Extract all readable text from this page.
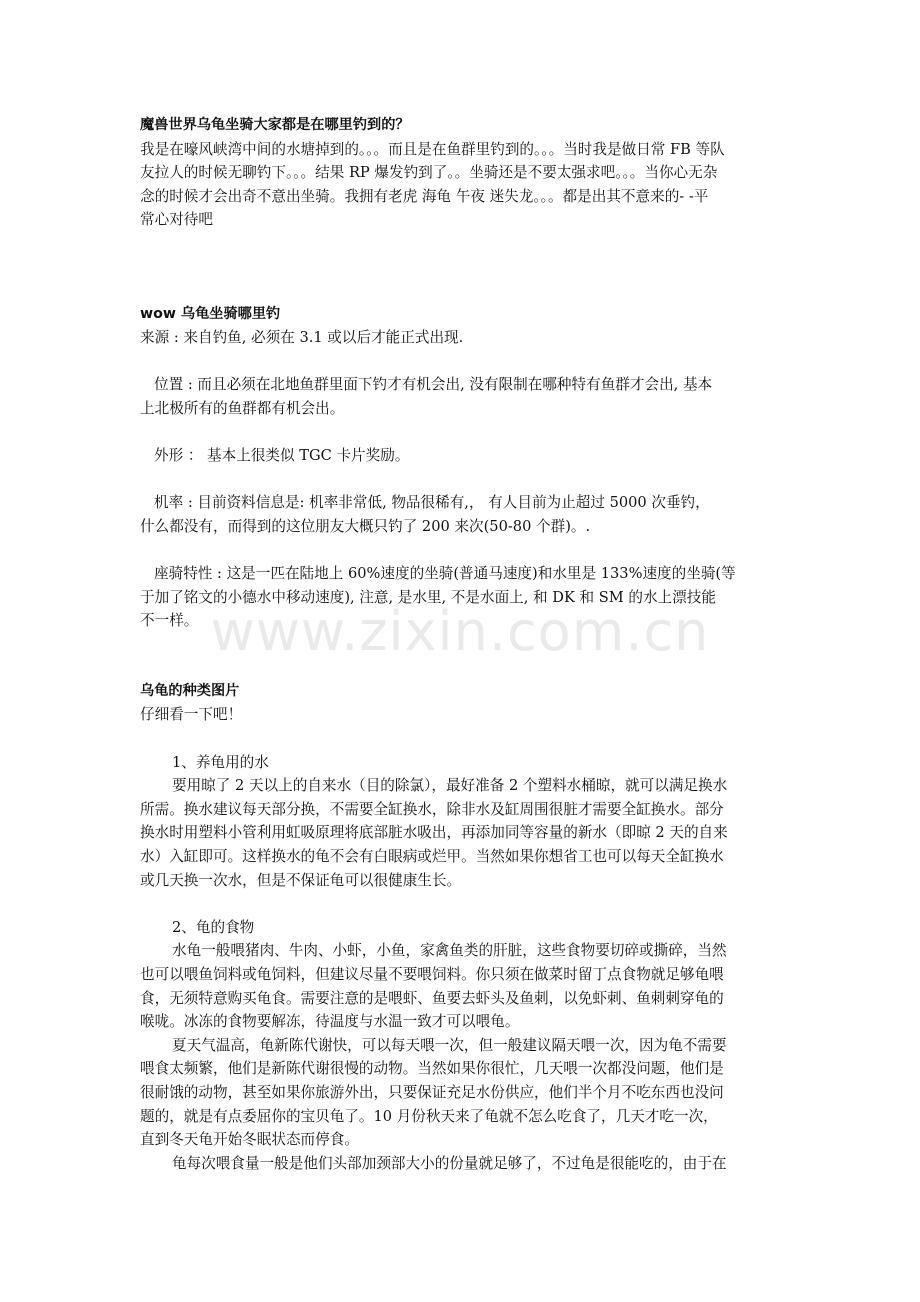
www.zixin.com.cn
魔兽世界乌龟坐骑大家都是在哪里钓到的？
我是在嚎风峡湾中间的水塘掉到的。。。而且是在鱼群里钓到的。。。当时我是做日常 FB 等队
友拉人的时候无聊钓下。。。结果 RP 爆发钓到了。。坐骑还是不要太强求吧。。。当你心无杂
念的时候才会出奇不意出坐骑。我拥有老虎 海龟 午夜 迷失龙。。。都是出其不意来的- -平
常心对待吧
wow 乌龟坐骑哪里钓
来源 : 来自钓鱼, 必须在 3.1 或以后才能正式出现.
位置 : 而且必须在北地鱼群里面下钓才有机会出, 没有限制在哪种特有鱼群才会出, 基本
上北极所有的鱼群都有机会出。
外形 ： 基本上很类似 TGC 卡片奖励。
机率 : 目前资料信息是: 机率非常低, 物品很稀有,， 有人目前为止超过 5000 次垂钓，
什么都没有，而得到的这位朋友大概只钓了 200 来次(50-80 个群)。.
座骑特性 : 这是一匹在陆地上 60%速度的坐骑(普通马速度)和水里是 133%速度的坐骑(等
于加了铭文的小德水中移动速度), 注意, 是水里, 不是水面上, 和 DK 和 SM 的水上漂技能
不一样。
乌龟的种类图片
仔细看一下吧！
1、养龟用的水
要用晾了 2 天以上的自来水（目的除氯），最好准备 2 个塑料水桶晾，就可以满足换水
所需。换水建议每天部分换，不需要全缸换水，除非水及缸周围很脏才需要全缸换水。部分
换水时用塑料小管利用虹吸原理将底部脏水吸出，再添加同等容量的新水（即晾 2 天的自来
水）入缸即可。这样换水的龟不会有白眼病或烂甲。当然如果你想省工也可以每天全缸换水
或几天换一次水，但是不保证龟可以很健康生长。
2、龟的食物
水龟一般喂猪肉、牛肉、小虾，小鱼，家禽鱼类的肝脏，这些食物要切碎或撕碎，当然
也可以喂鱼饲料或龟饲料，但建议尽量不要喂饲料。你只须在做菜时留丁点食物就足够龟喂
食，无须特意购买龟食。需要注意的是喂虾、鱼要去虾头及鱼刺，以免虾刺、鱼刺刺穿龟的
喉咙。冰冻的食物要解冻，待温度与水温一致才可以喂龟。
夏天气温高，龟新陈代谢快，可以每天喂一次，但一般建议隔天喂一次，因为龟不需要
喂食太频繁，他们是新陈代谢很慢的动物。当然如果你很忙，几天喂一次都没问题，他们是
很耐饿的动物，甚至如果你旅游外出，只要保证充足水份供应，他们半个月不吃东西也没问
题的，就是有点委屈你的宝贝龟了。10 月份秋天来了龟就不怎么吃食了，几天才吃一次，
直到冬天龟开始冬眠状态而停食。
龟每次喂食量一般是他们头部加颈部大小的份量就足够了，不过龟是很能吃的，由于在
